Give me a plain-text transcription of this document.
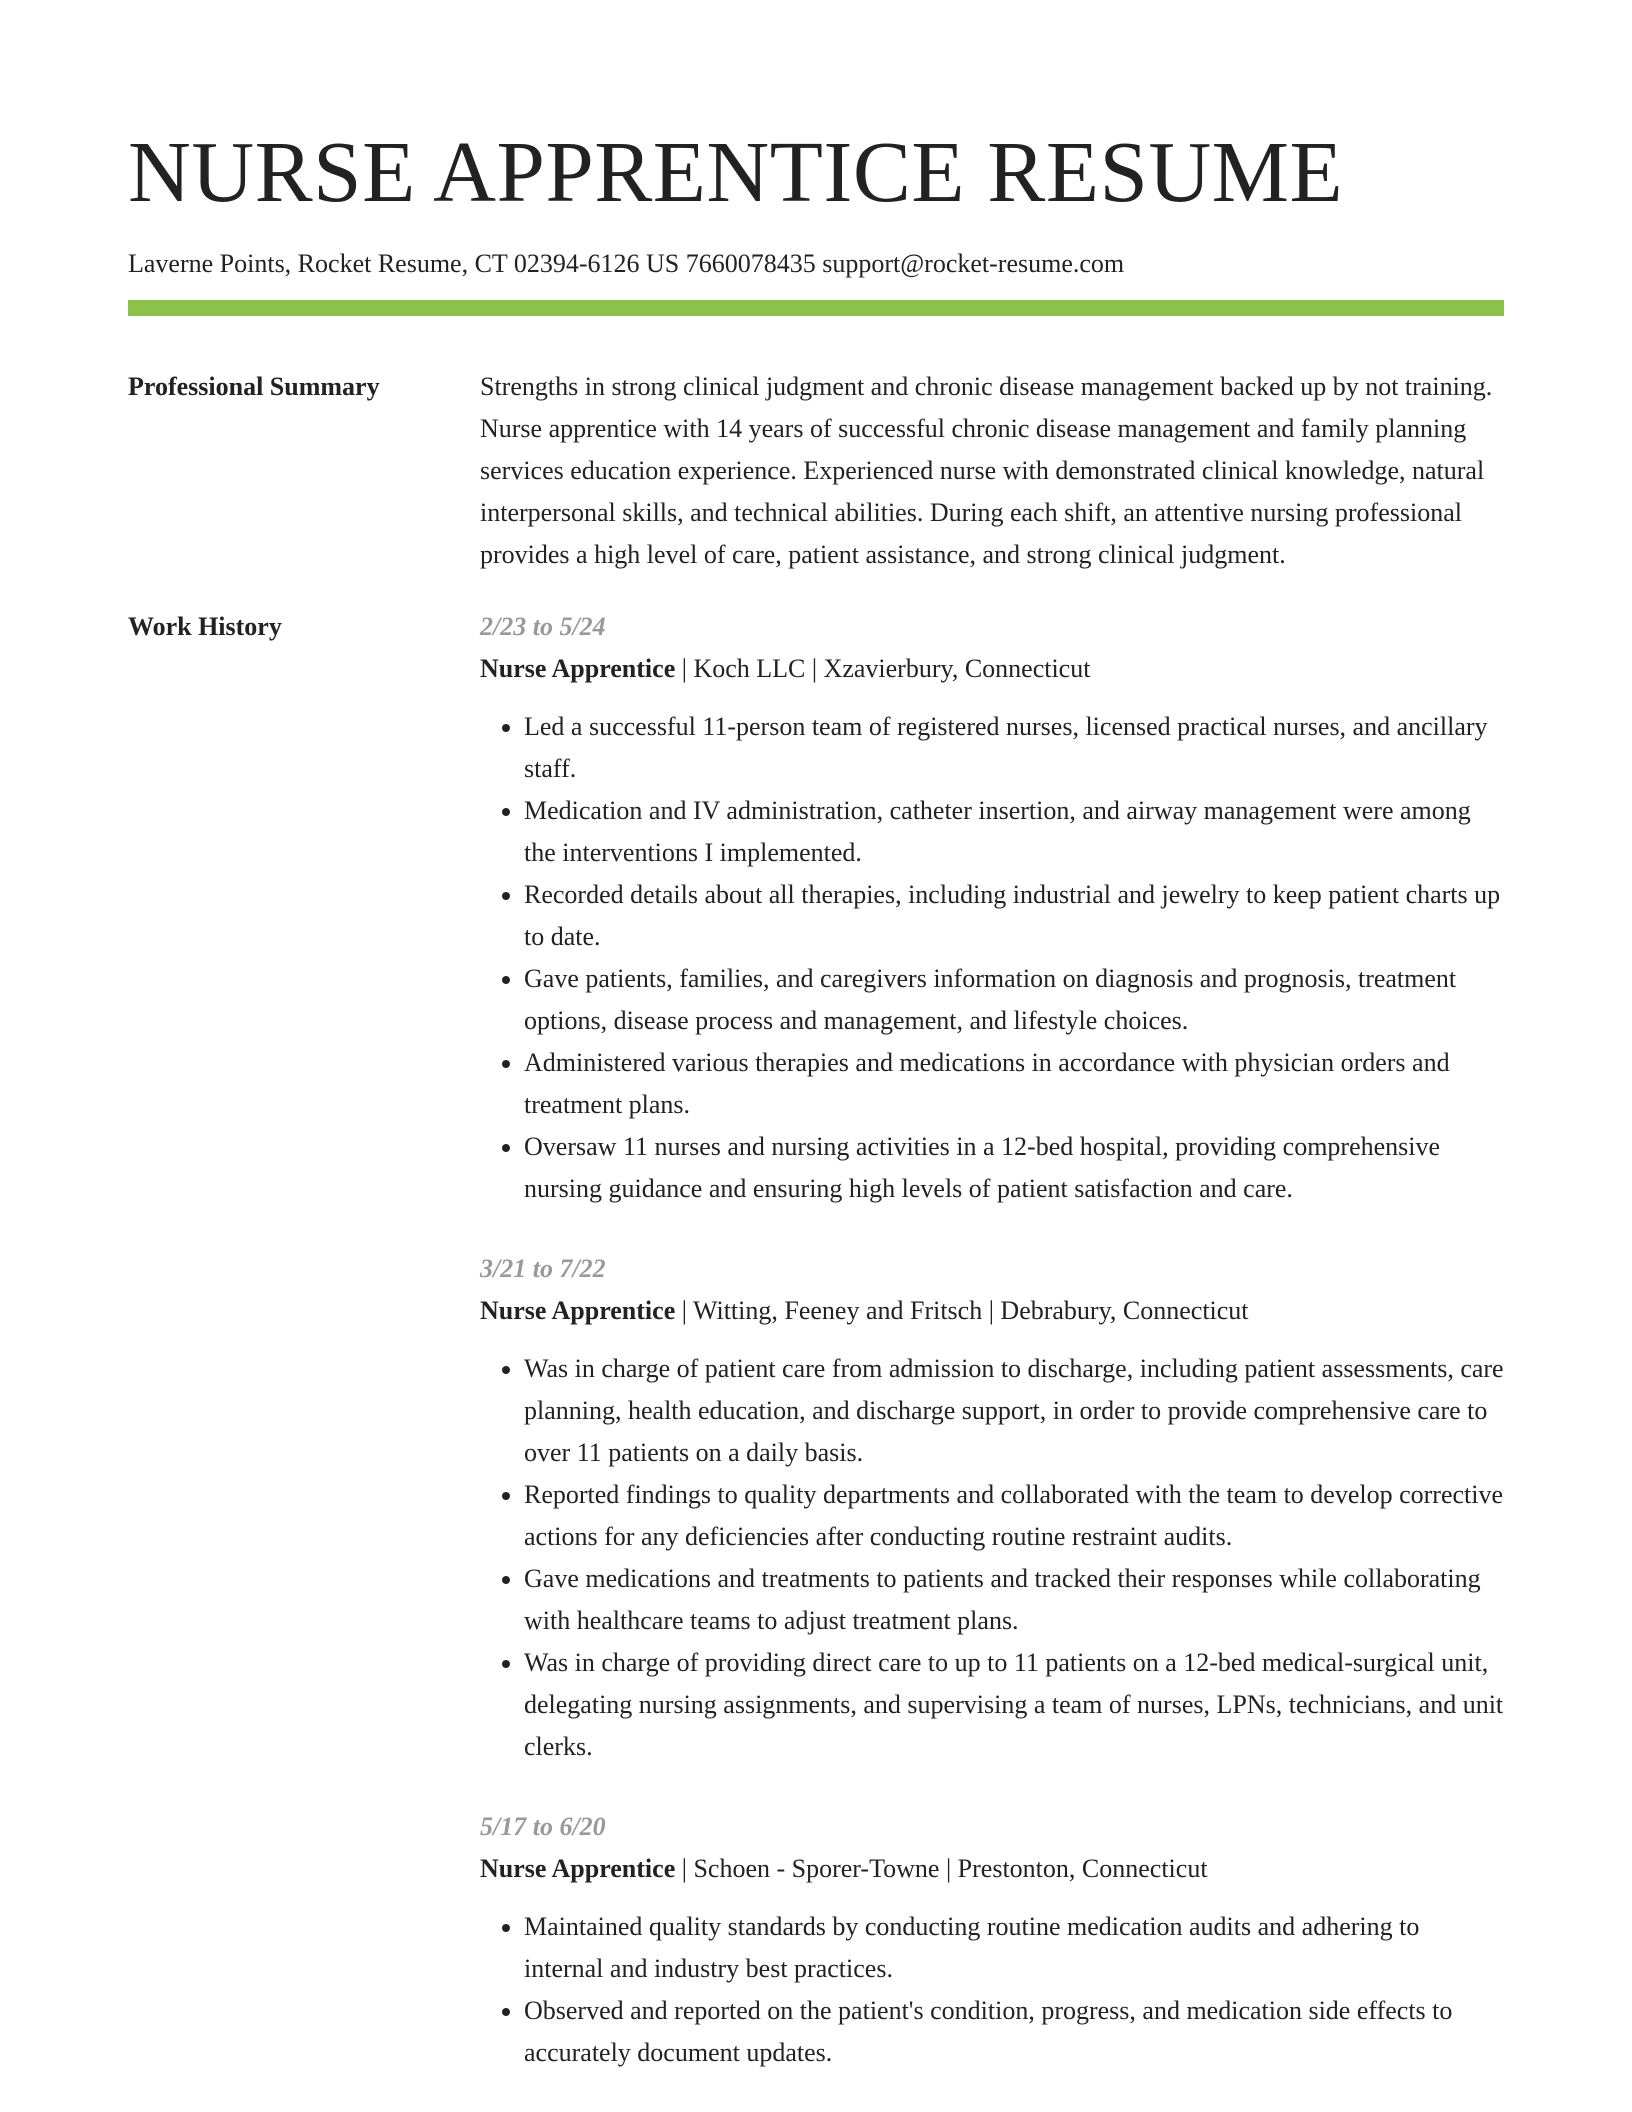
NURSE APPRENTICE RESUME
Laverne Points, Rocket Resume, CT 02394-6126 US 7660078435 support@rocket-resume.com
Professional Summary	Strengths in strong clinical judgment and chronic disease management backed up by not training. Nurse apprentice with 14 years of successful chronic disease management and family planning services education experience. Experienced nurse with demonstrated clinical knowledge, natural interpersonal skills, and technical abilities. During each shift, an attentive nursing professional provides a high level of care, patient assistance, and strong clinical judgment.

Work History	2/23 to 5/24
Nurse Apprentice | Koch LLC | Xzavierbury, Connecticut
• Led a successful 11-person team of registered nurses, licensed practical nurses, and ancillary staff.
• Medication and IV administration, catheter insertion, and airway management were among the interventions I implemented.
• Recorded details about all therapies, including industrial and jewelry to keep patient charts up to date.
• Gave patients, families, and caregivers information on diagnosis and prognosis, treatment options, disease process and management, and lifestyle choices.
• Administered various therapies and medications in accordance with physician orders and treatment plans.
• Oversaw 11 nurses and nursing activities in a 12-bed hospital, providing comprehensive nursing guidance and ensuring high levels of patient satisfaction and care.
3/21 to 7/22
Nurse Apprentice | Witting, Feeney and Fritsch | Debrabury, Connecticut
• Was in charge of patient care from admission to discharge, including patient assessments, care planning, health education, and discharge support, in order to provide comprehensive care to over 11 patients on a daily basis.
• Reported findings to quality departments and collaborated with the team to develop corrective actions for any deficiencies after conducting routine restraint audits.
• Gave medications and treatments to patients and tracked their responses while collaborating with healthcare teams to adjust treatment plans.
• Was in charge of providing direct care to up to 11 patients on a 12-bed medical-surgical unit, delegating nursing assignments, and supervising a team of nurses, LPNs, technicians, and unit clerks.
5/17 to 6/20
Nurse Apprentice | Schoen - Sporer-Towne | Prestonton, Connecticut
• Maintained quality standards by conducting routine medication audits and adhering to internal and industry best practices.
• Observed and reported on the patient's condition, progress, and medication side effects to accurately document updates.
